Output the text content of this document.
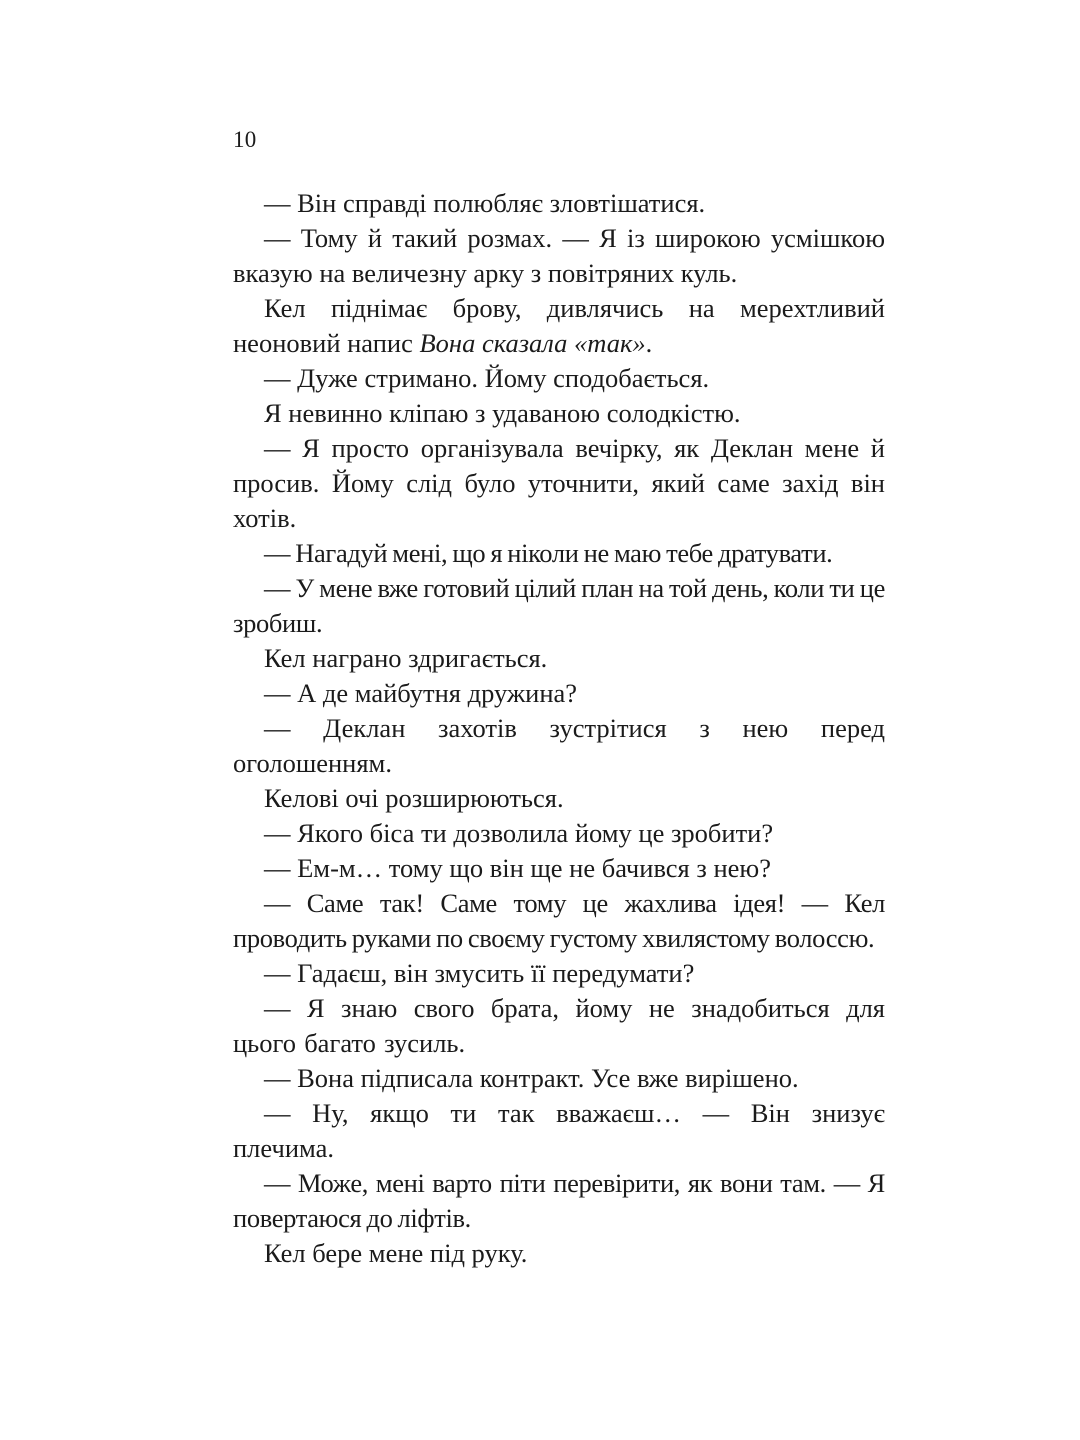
10

— Він справді полюбляє зловтішатися.

— Тому й такий розмах. — Я із широкою усмішкою вказую на величезну арку з повітряних куль.

Кел піднімає брову, дивлячись на мерехтливий неоновий напис Вона сказала «так».

— Дуже стримано. Йому сподобається.

Я невинно кліпаю з удаваною солодкістю.

— Я просто організувала вечірку, як Деклан мене й просив. Йому слід було уточнити, який саме захід він хотів.

— Нагадуй мені, що я ніколи не маю тебе дратувати.

— У мене вже готовий цілий план на той день, коли ти це зробиш.

Кел награно здригається.

— А де майбутня дружина?

— Деклан захотів зустрітися з нею перед оголошенням.

Келові очі розширюються.

— Якого біса ти дозволила йому це зробити?

— Ем-м… тому що він ще не бачився з нею?

— Саме так! Саме тому це жахлива ідея! — Кел проводить руками по своєму густому хвилястому волоссю.

— Гадаєш, він змусить її передумати?

— Я знаю свого брата, йому не знадобиться для цього багато зусиль.

— Вона підписала контракт. Усе вже вирішено.

— Ну, якщо ти так вважаєш… — Він знизує плечима.

— Може, мені варто піти перевірити, як вони там. — Я повертаюся до ліфтів.

Кел бере мене під руку.
